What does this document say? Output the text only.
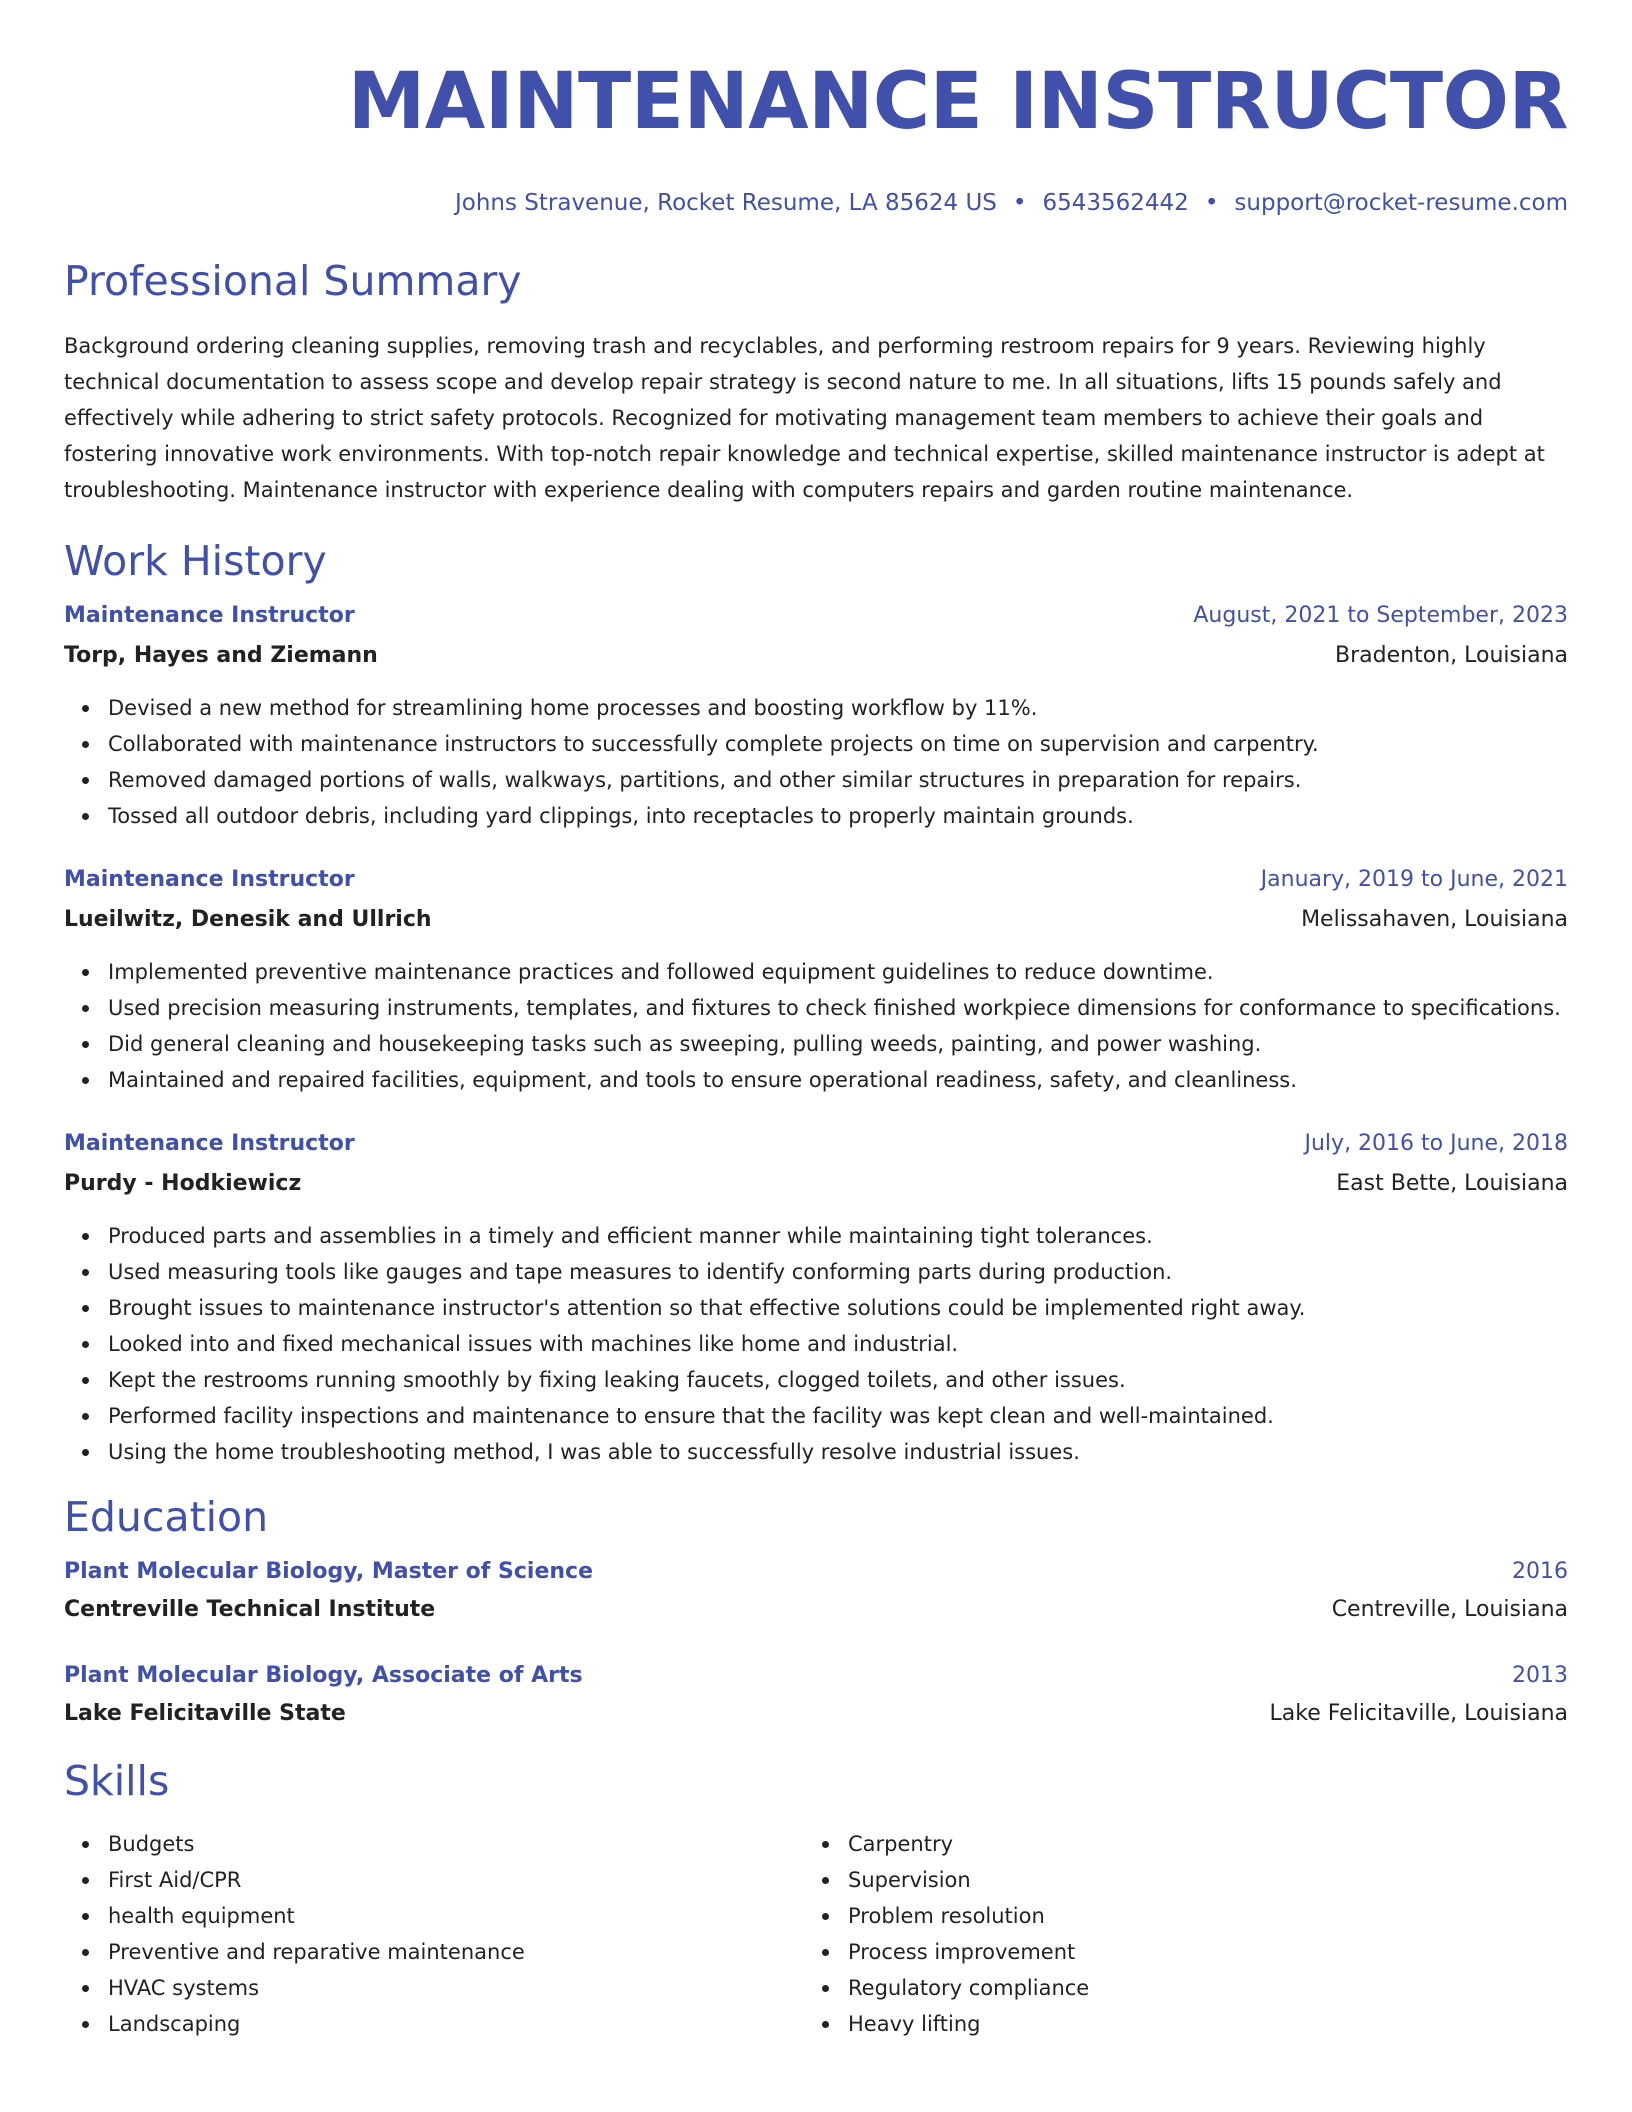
MAINTENANCE INSTRUCTOR
Johns Stravenue, Rocket Resume, LA 85624 US • 6543562442 • support@rocket-resume.com
Professional Summary
Background ordering cleaning supplies, removing trash and recyclables, and performing restroom repairs for 9 years. Reviewing highly technical documentation to assess scope and develop repair strategy is second nature to me. In all situations, lifts 15 pounds safely and effectively while adhering to strict safety protocols. Recognized for motivating management team members to achieve their goals and fostering innovative work environments. With top-notch repair knowledge and technical expertise, skilled maintenance instructor is adept at troubleshooting. Maintenance instructor with experience dealing with computers repairs and garden routine maintenance.
Work History
Maintenance Instructor	August, 2021 to September, 2023
Torp, Hayes and Ziemann	Bradenton, Louisiana
Devised a new method for streamlining home processes and boosting workflow by 11%.
Collaborated with maintenance instructors to successfully complete projects on time on supervision and carpentry.
Removed damaged portions of walls, walkways, partitions, and other similar structures in preparation for repairs.
Tossed all outdoor debris, including yard clippings, into receptacles to properly maintain grounds.
Maintenance Instructor	January, 2019 to June, 2021
Lueilwitz, Denesik and Ullrich	Melissahaven, Louisiana
Implemented preventive maintenance practices and followed equipment guidelines to reduce downtime.
Used precision measuring instruments, templates, and fixtures to check finished workpiece dimensions for conformance to specifications.
Did general cleaning and housekeeping tasks such as sweeping, pulling weeds, painting, and power washing.
Maintained and repaired facilities, equipment, and tools to ensure operational readiness, safety, and cleanliness.
Maintenance Instructor	July, 2016 to June, 2018
Purdy - Hodkiewicz	East Bette, Louisiana
Produced parts and assemblies in a timely and efficient manner while maintaining tight tolerances.
Used measuring tools like gauges and tape measures to identify conforming parts during production.
Brought issues to maintenance instructor's attention so that effective solutions could be implemented right away.
Looked into and fixed mechanical issues with machines like home and industrial.
Kept the restrooms running smoothly by fixing leaking faucets, clogged toilets, and other issues.
Performed facility inspections and maintenance to ensure that the facility was kept clean and well-maintained.
Using the home troubleshooting method, I was able to successfully resolve industrial issues.
Education
Plant Molecular Biology, Master of Science	2016
Centreville Technical Institute	Centreville, Louisiana
Plant Molecular Biology, Associate of Arts	2013
Lake Felicitaville State	Lake Felicitaville, Louisiana
Skills
Budgets
First Aid/CPR
health equipment
Preventive and reparative maintenance
HVAC systems
Landscaping
Carpentry
Supervision
Problem resolution
Process improvement
Regulatory compliance
Heavy lifting
